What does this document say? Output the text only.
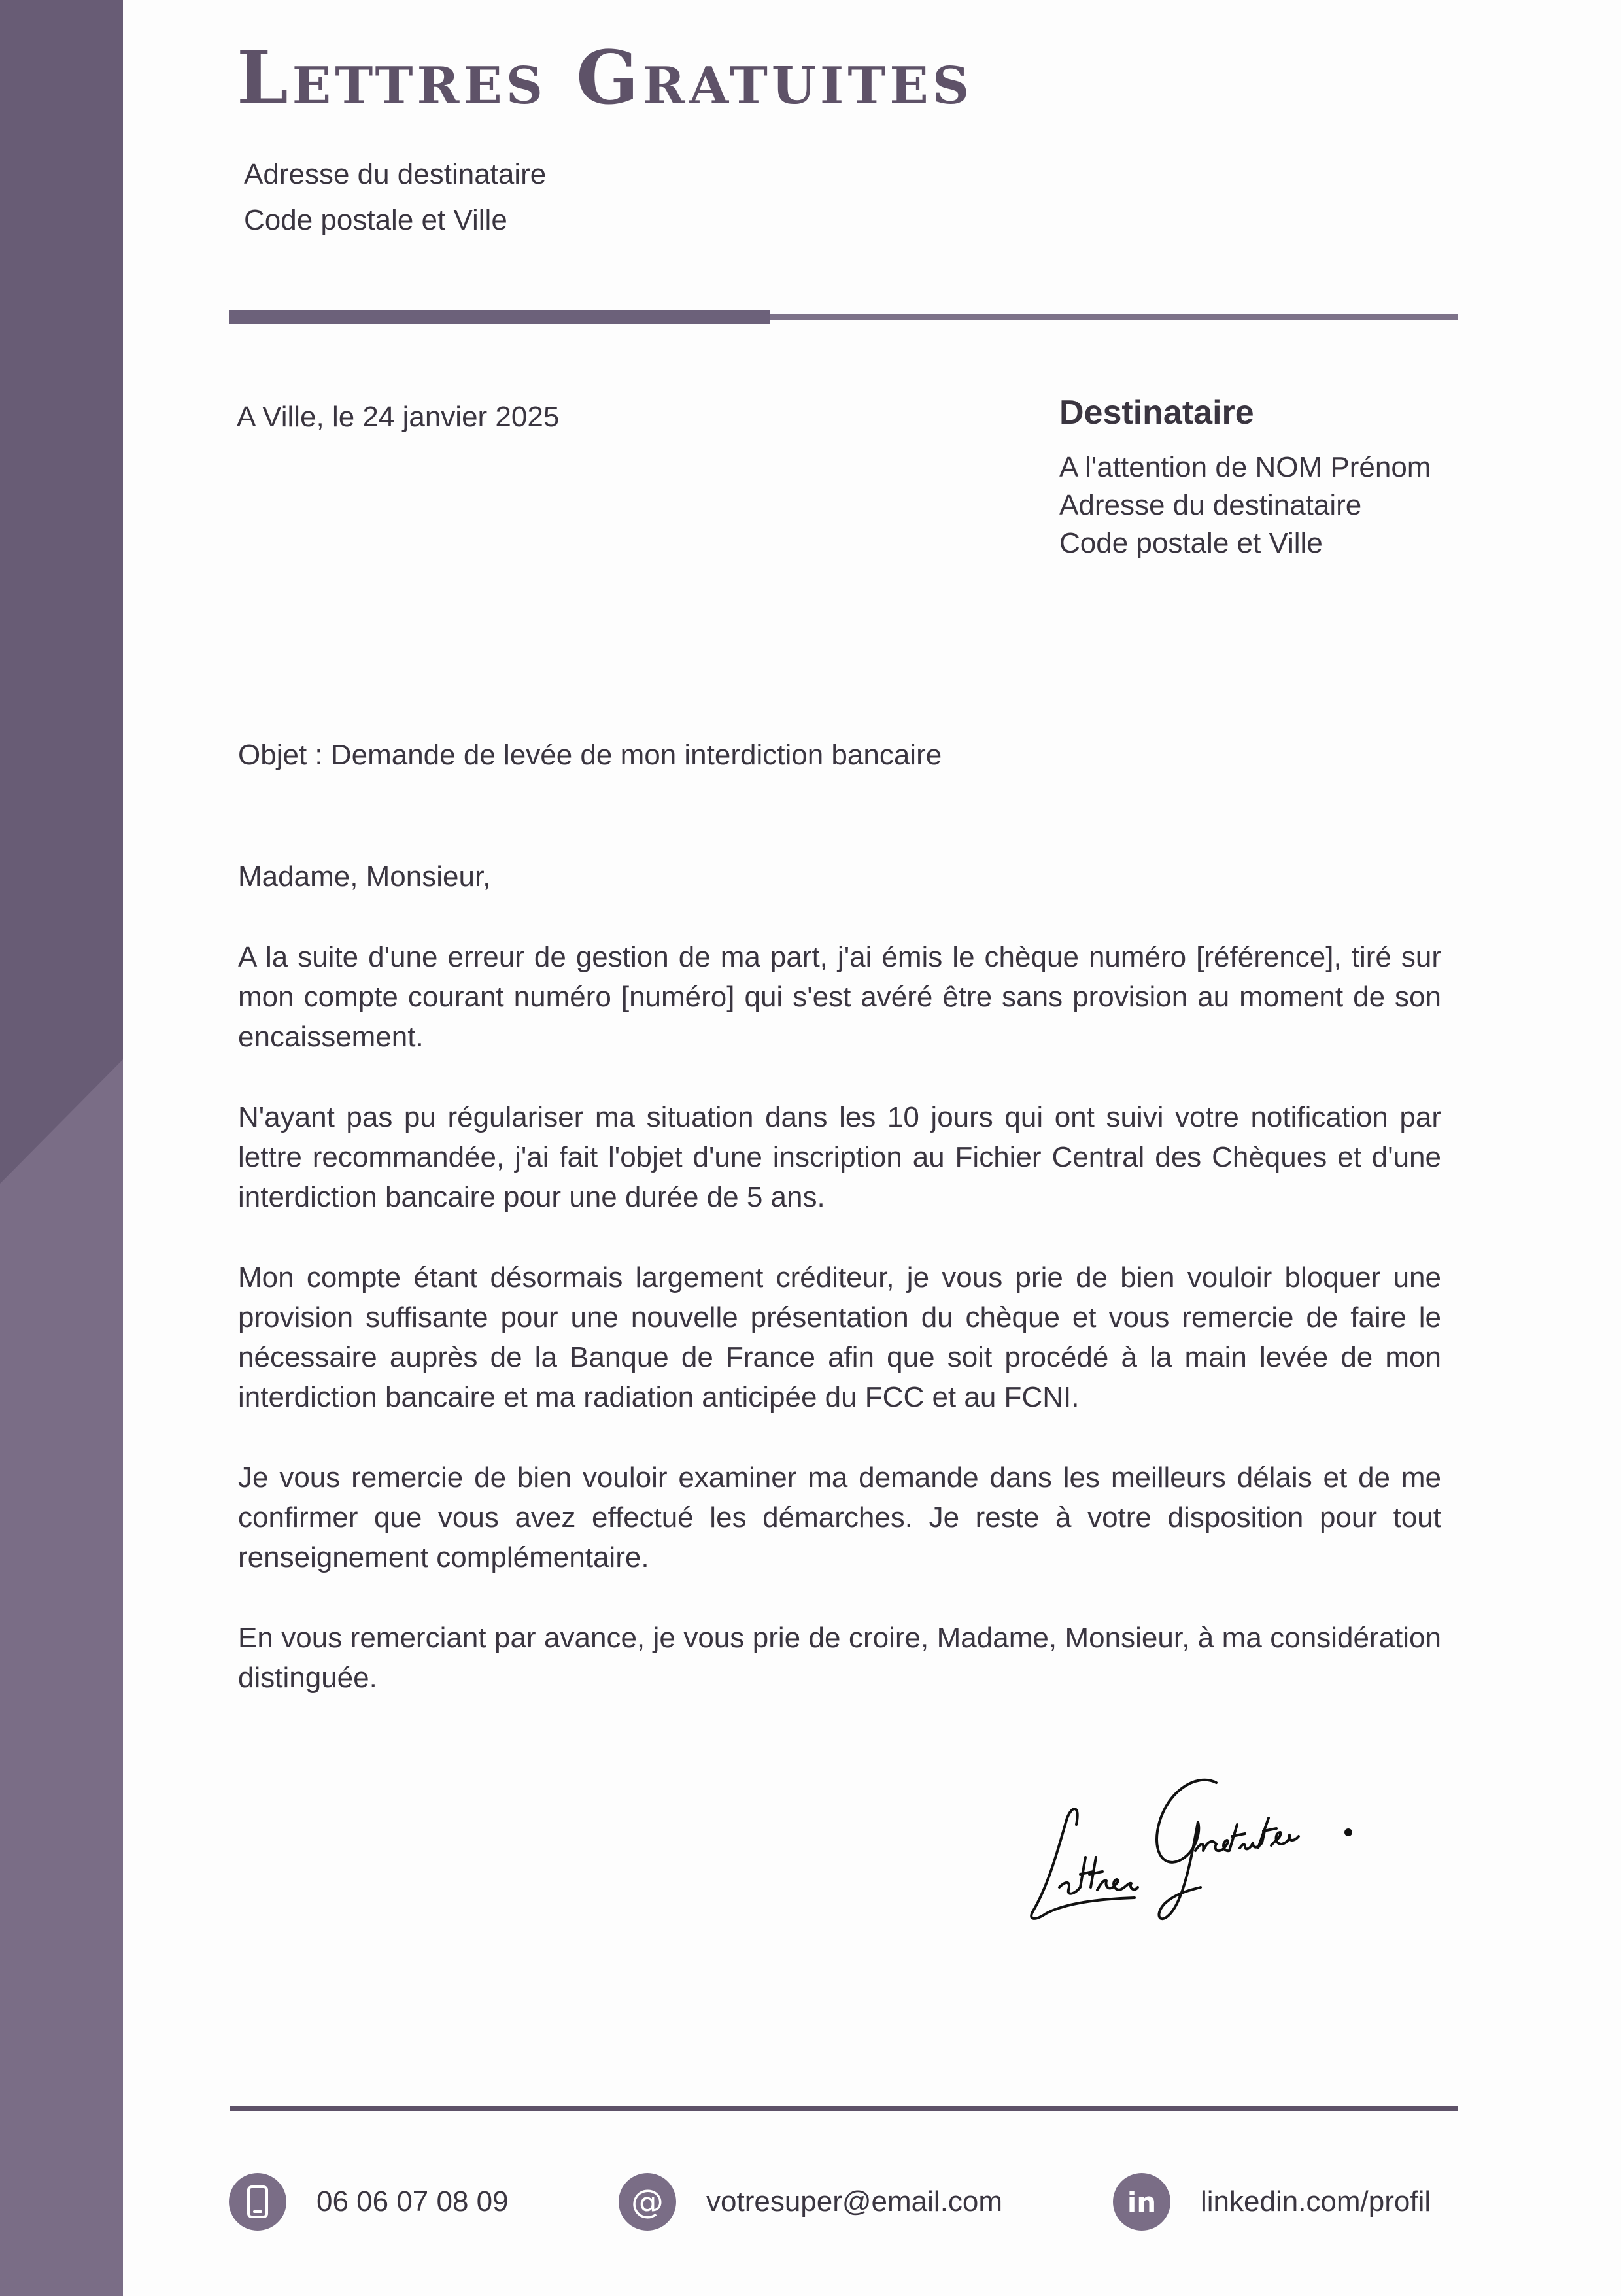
Lettres Gratuites
Adresse du destinataire
Code postale et Ville
A Ville, le 24 janvier 2025	Destinataire
A l'attention de NOM Prénom
Adresse du destinataire
Code postale et Ville
Objet : Demande de levée de mon interdiction bancaire

Madame, Monsieur,

A la suite d'une erreur de gestion de ma part, j'ai émis le chèque numéro [référence], tiré sur mon compte courant numéro [numéro] qui s'est avéré être sans provision au moment de son encaissement.

N'ayant pas pu régulariser ma situation dans les 10 jours qui ont suivi votre notification par lettre recommandée, j'ai fait l'objet d'une inscription au Fichier Central des Chèques et d'une interdiction bancaire pour une durée de 5 ans.

Mon compte étant désormais largement créditeur, je vous prie de bien vouloir bloquer une provision suffisante pour une nouvelle présentation du chèque et vous remercie de faire le nécessaire auprès de la Banque de France afin que soit procédé à la main levée de mon interdiction bancaire et ma radiation anticipée du FCC et au FCNI.

Je vous remercie de bien vouloir examiner ma demande dans les meilleurs délais et de me confirmer que vous avez effectué les démarches. Je reste à votre disposition pour tout renseignement complémentaire.

En vous remerciant par avance, je vous prie de croire, Madame, Monsieur, à ma considération distinguée.

06 06 07 08 09	@	votresuper@email.com	in	linkedin.com/profil
